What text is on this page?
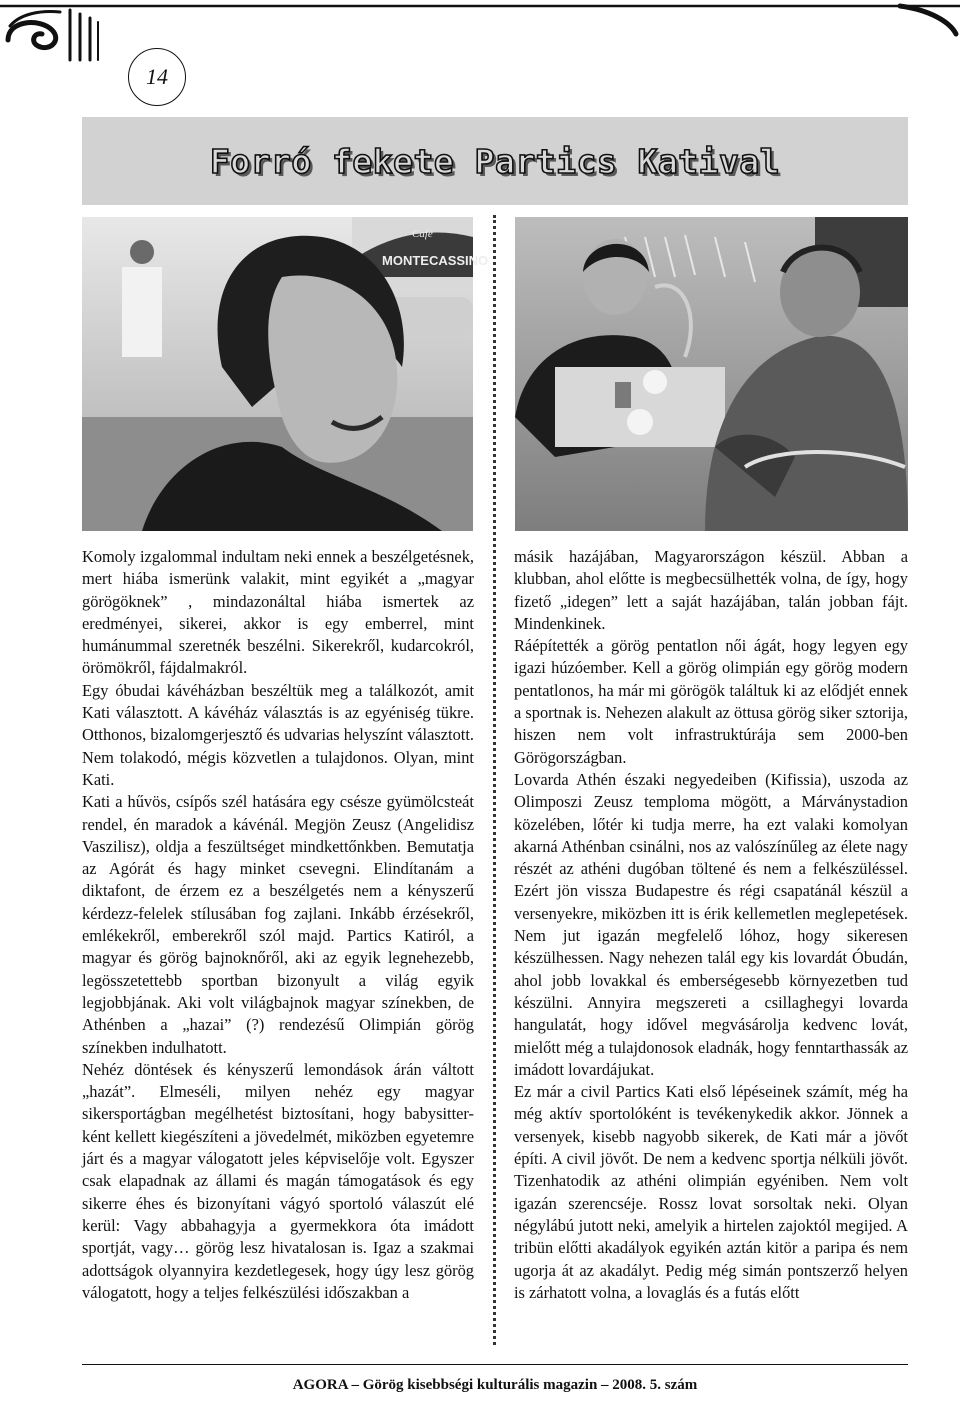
14
Forró fekete Partics Katival
MONTECASSINO
Café

Komoly izgalommal indultam neki ennek a beszélgetésnek, mert hiába ismerünk valakit, mint egyikét a „magyar görögöknek” , mindazonáltal hiába ismertek az eredményei, sikerei, akkor is egy emberrel, mint humánummal szeretnék beszélni. Sikerekről, kudarcokról, örömökről, fájdalmakról.

Egy óbudai kávéházban beszéltük meg a találkozót, amit Kati választott. A kávéház választás is az egyéniség tükre. Otthonos, bizalomgerjesztő és udvarias helyszínt választott. Nem tolakodó, mégis közvetlen a tulajdonos. Olyan, mint Kati.

Kati a hűvös, csípős szél hatására egy csésze gyümölcsteát rendel, én maradok a kávénál. Megjön Zeusz (Angelidisz Vaszilisz), oldja a feszültséget mindkettőnkben. Bemutatja az Agórát és hagy minket csevegni. Elindítanám a diktafont, de érzem ez a beszélgetés nem a kényszerű kérdezz-felelek stílusában fog zajlani. Inkább érzésekről, emlékekről, emberekről szól majd. Partics Katiról, a magyar és görög bajnoknőről, aki az egyik legnehezebb, legösszetettebb sportban bizonyult a világ egyik legjobbjának. Aki volt világbajnok magyar színekben, de Athénben a „hazai” (?) rendezésű Olimpián görög színekben indulhatott.

Nehéz döntések és kényszerű lemondások árán váltott „hazát”. Elmeséli, milyen nehéz egy magyar sikersportágban megélhetést biztosítani, hogy babysitter-ként kellett kiegészíteni a jövedelmét, miközben egyetemre járt és a magyar válogatott jeles képviselője volt. Egyszer csak elapadnak az állami és magán támogatások és egy sikerre éhes és bizonyítani vágyó sportoló válaszút elé kerül: Vagy abbahagyja a gyermekkora óta imádott sportját, vagy… görög lesz hivatalosan is. Igaz a szakmai adottságok olyannyira kezdetlegesek, hogy úgy lesz görög válogatott, hogy a teljes felkészülési időszakban a

másik hazájában, Magyarországon készül. Abban a klubban, ahol előtte is megbecsülhették volna, de így, hogy fizető „idegen” lett a saját hazájában, talán jobban fájt. Mindenkinek.

Ráépítették a görög pentatlon női ágát, hogy legyen egy igazi húzóember. Kell a görög olimpián egy görög modern pentatlonos, ha már mi görögök találtuk ki az elődjét ennek a sportnak is. Nehezen alakult az öttusa görög siker sztorija, hiszen nem volt infrastruktúrája sem 2000-ben Görögországban.

Lovarda Athén északi negyedeiben (Kifissia), uszoda az Olimposzi Zeusz temploma mögött, a Márványstadion közelében, lőtér ki tudja merre, ha ezt valaki komolyan akarná Athénban csinálni, nos az valószínűleg az élete nagy részét az athéni dugóban töltené és nem a felkészüléssel. Ezért jön vissza Budapestre és régi csapatánál készül a versenyekre, miközben itt is érik kellemetlen meglepetések. Nem jut igazán megfelelő lóhoz, hogy sikeresen készülhessen. Nagy nehezen talál egy kis lovardát Óbudán, ahol jobb lovakkal és emberségesebb környezetben tud készülni. Annyira megszereti a csillaghegyi lovarda hangulatát, hogy idővel megvásárolja kedvenc lovát, mielőtt még a tulajdonosok eladnák, hogy fenntarthassák az imádott lovardájukat.

Ez már a civil Partics Kati első lépéseinek számít, még ha még aktív sportolóként is tevékenykedik akkor. Jönnek a versenyek, kisebb nagyobb sikerek, de Kati már a jövőt építi. A civil jövőt. De nem a kedvenc sportja nélküli jövőt. Tizenhatodik az athéni olimpián egyéniben. Nem volt igazán szerencséje. Rossz lovat sorsoltak neki. Olyan négylábú jutott neki, amelyik a hirtelen zajoktól megijed. A tribün előtti akadályok egyikén aztán kitör a paripa és nem ugorja át az akadályt. Pedig még simán pontszerző helyen is zárhatott volna, a lovaglás és a futás előtt

AGORA – Görög kisebbségi kulturális magazin – 2008. 5. szám
